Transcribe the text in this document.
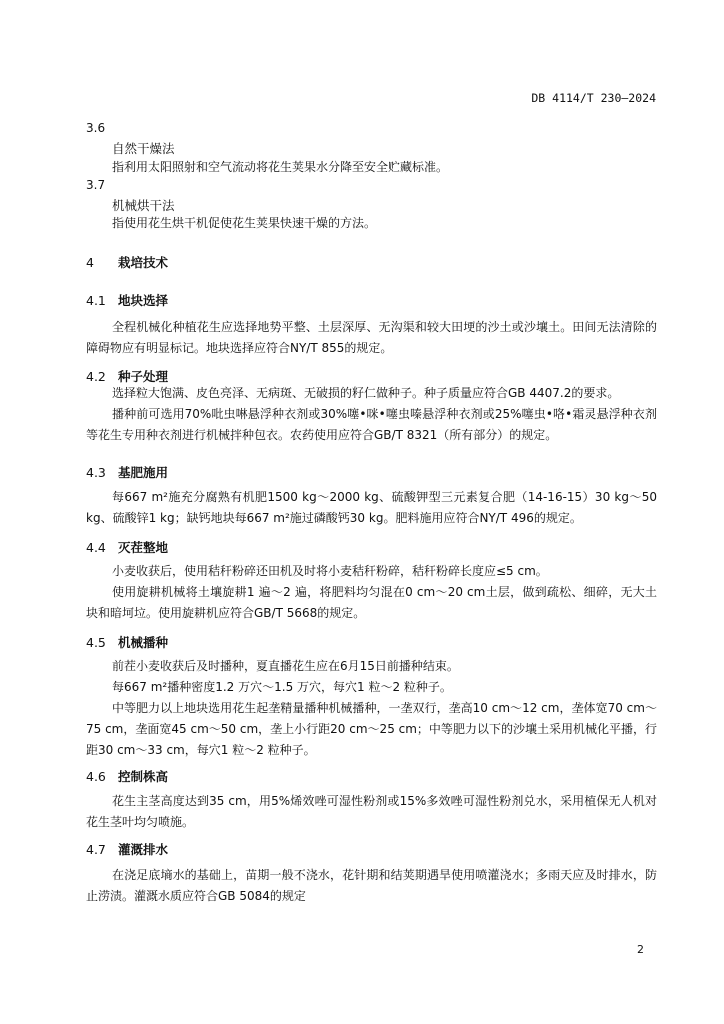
DB 4114/T 230—2024
3.6
自然干燥法
指利用太阳照射和空气流动将花生荚果水分降至安全贮藏标准。
3.7
机械烘干法
指使用花生烘干机促使花生荚果快速干燥的方法。
4 栽培技术
4.1 地块选择

全程机械化种植花生应选择地势平整、土层深厚、无沟渠和较大田埂的沙土或沙壤土。田间无法清除的障碍物应有明显标记。地块选择应符合NY/T 855的规定。

4.2 种子处理

选择粒大饱满、皮色亮泽、无病斑、无破损的籽仁做种子。种子质量应符合GB 4407.2的要求。

播种前可选用70%吡虫啉悬浮种衣剂或30%噻•咪•噻虫嗪悬浮种衣剂或25%噻虫•咯•霜灵悬浮种衣剂等花生专用种衣剂进行机械拌种包衣。农药使用应符合GB/T 8321（所有部分）的规定。

4.3 基肥施用

每667 m²施充分腐熟有机肥1500 kg～2000 kg、硫酸钾型三元素复合肥（14-16-15）30 kg～50 kg、硫酸锌1 kg；缺钙地块每667 m²施过磷酸钙30 kg。肥料施用应符合NY/T 496的规定。

4.4 灭茬整地

小麦收获后，使用秸秆粉碎还田机及时将小麦秸秆粉碎，秸秆粉碎长度应≤5 cm。

使用旋耕机械将土壤旋耕1 遍～2 遍，将肥料均匀混在0 cm～20 cm土层，做到疏松、细碎，无大土块和暗坷垃。使用旋耕机应符合GB/T 5668的规定。

4.5 机械播种

前茬小麦收获后及时播种，夏直播花生应在6月15日前播种结束。

每667 m²播种密度1.2 万穴～1.5 万穴，每穴1 粒～2 粒种子。

中等肥力以上地块选用花生起垄精量播种机械播种，一垄双行，垄高10 cm～12 cm，垄体宽70 cm～75 cm，垄面宽45 cm～50 cm，垄上小行距20 cm～25 cm；中等肥力以下的沙壤土采用机械化平播，行距30 cm～33 cm，每穴1 粒～2 粒种子。

4.6 控制株高

花生主茎高度达到35 cm，用5%烯效唑可湿性粉剂或15%多效唑可湿性粉剂兑水，采用植保无人机对花生茎叶均匀喷施。

4.7 灌溉排水

在浇足底墒水的基础上，苗期一般不浇水，花针期和结荚期遇旱使用喷灌浇水；多雨天应及时排水，防止涝渍。灌溉水质应符合GB 5084的规定

2
